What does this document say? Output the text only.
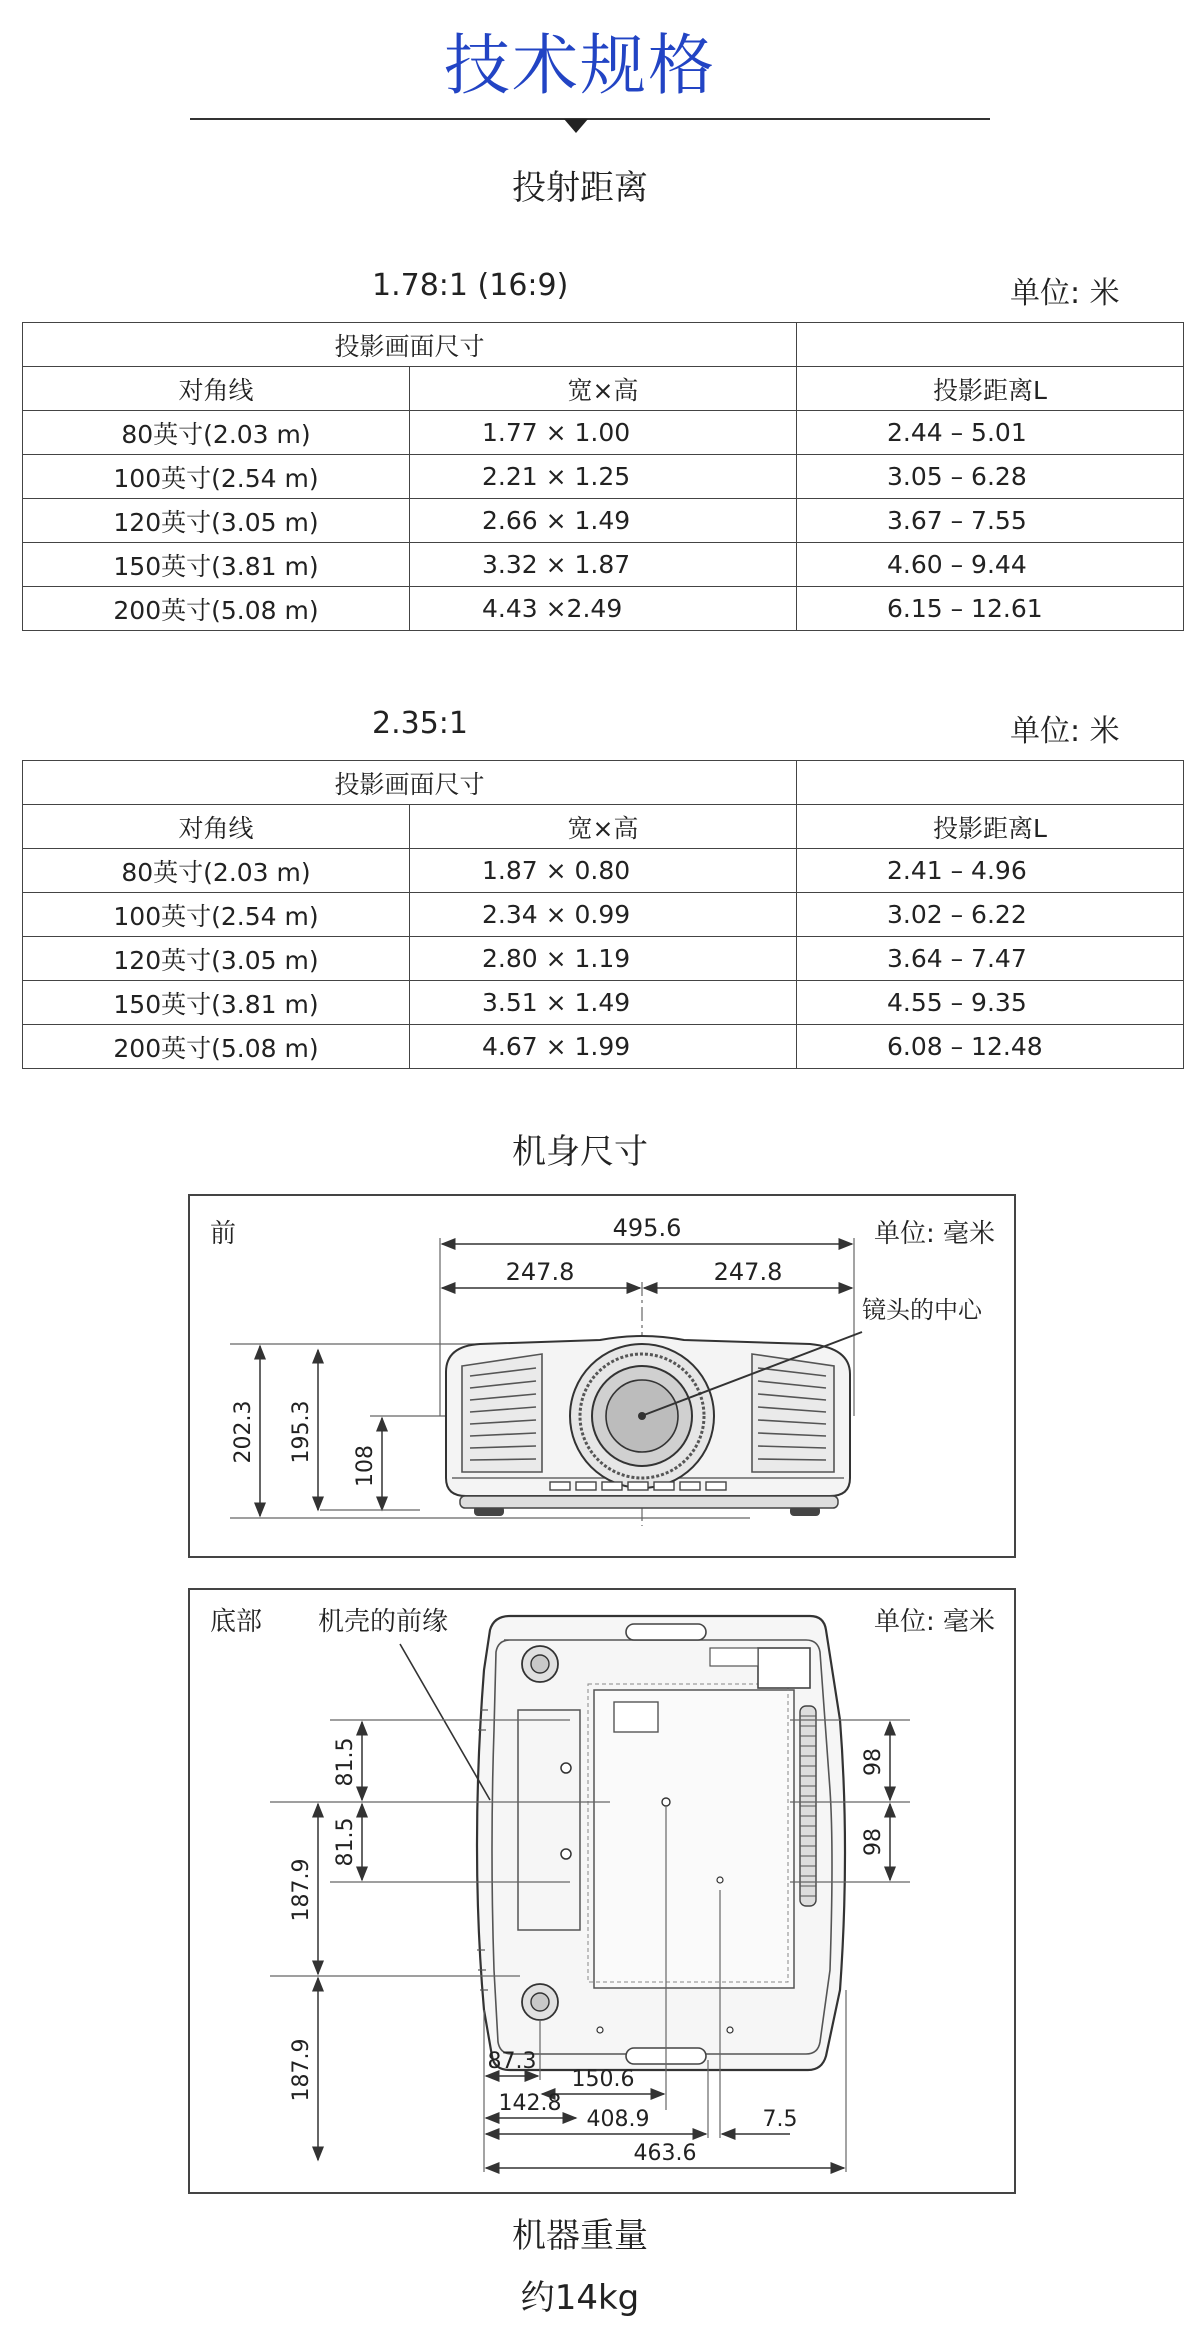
技术规格
投射距离
1.78:1 (16:9)	单位: 米
投影画面尺寸		
对角线	宽×高	投影距离L
80英寸(2.03 m)	1.77 × 1.00	2.44 – 5.01
100英寸(2.54 m)	2.21 × 1.25	3.05 – 6.28
120英寸(3.05 m)	2.66 × 1.49	3.67 – 7.55
150英寸(3.81 m)	3.32 × 1.87	4.60 – 9.44
200英寸(5.08 m)	4.43 ×2.49	6.15 – 12.61
2.35:1	单位: 米
投影画面尺寸		
对角线	宽×高	投影距离L
80英寸(2.03 m)	1.87 × 0.80	2.41 – 4.96
100英寸(2.54 m)	2.34 × 0.99	3.02 – 6.22
120英寸(3.05 m)	2.80 × 1.19	3.64 – 7.47
150英寸(3.81 m)	3.51 × 1.49	4.55 – 9.35
200英寸(5.08 m)	4.67 × 1.99	6.08 – 12.48
机身尺寸
前	单位: 毫米
495.6
247.8	247.8
202.3 195.3
108
镜头的中心
底部 机壳的前缘	单位: 毫米
81.5
81.5
187.9
187.9
98
98
87.3
150.6
142.8
408.9	7.5
463.6
机器重量
约14kg
